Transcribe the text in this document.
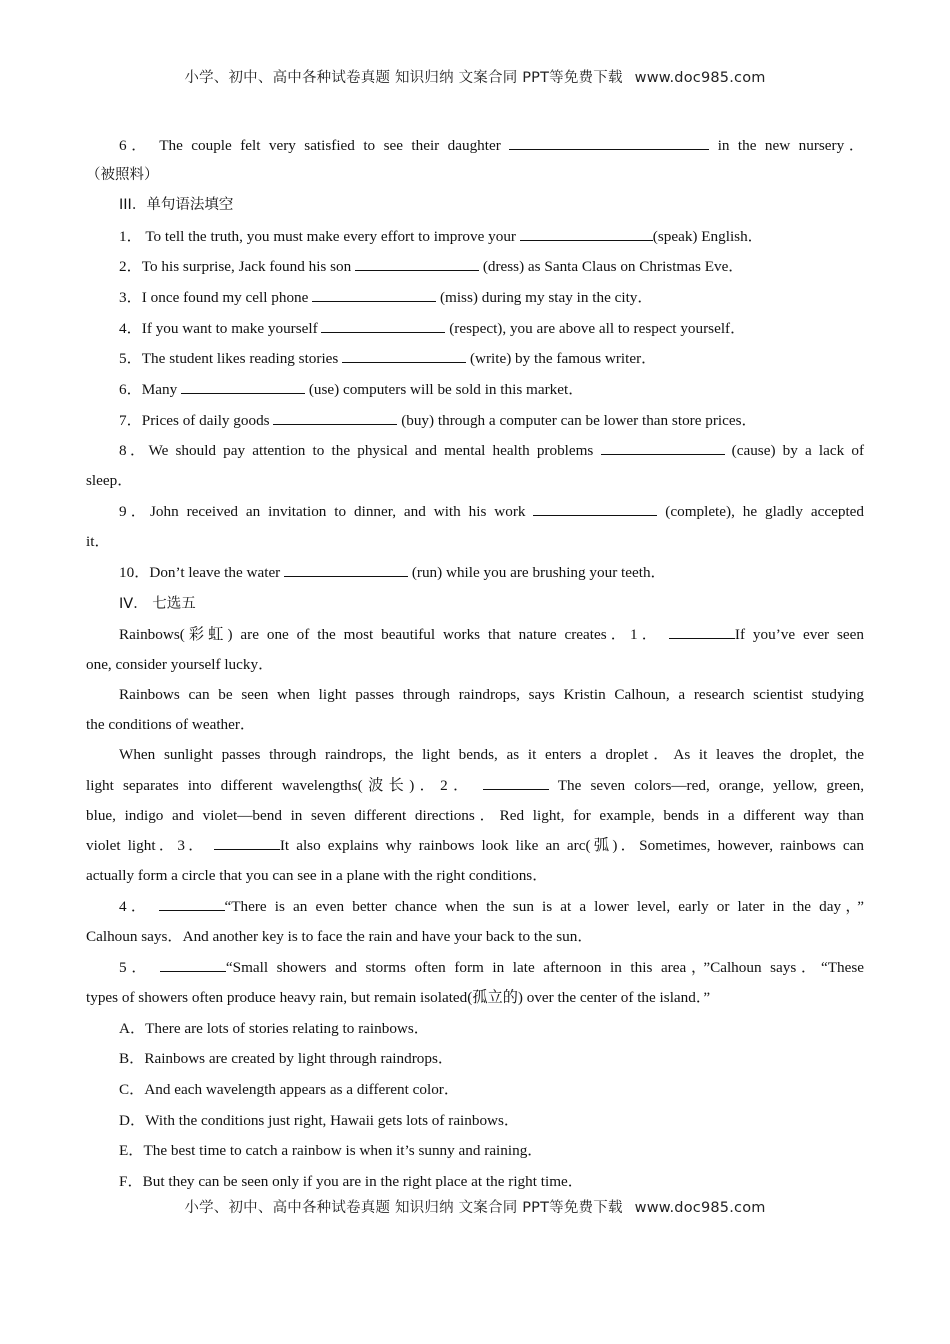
小学、初中、高中各种试卷真题 知识归纳 文案合同 PPT等免费下载 www.doc985.com
6． The couple felt very satisfied to see their daughter	in the new nursery．
（被照料）
III．单句语法填空
1． To tell the truth, you must make every effort to improve your	(speak) English．
2．To his surprise, Jack found his son	(dress) as Santa Claus on Christmas Eve．
3．I once found my cell phone	(miss) during my stay in the city．
4．If you want to make yourself	(respect), you are above all to respect yourself．
5．The student likes reading stories	(write) by the famous writer．
6．Many	(use) computers will be sold in this market．
7．Prices of daily goods	(buy) through a computer can be lower than store prices．
8．We should pay attention to the physical and mental health problems	(cause) by a lack of
sleep．
9．John received an invitation to dinner, and with his work	(complete), he gladly accepted
it．
10．Don’t leave the water	(run) while you are brushing your teeth．
IV． 七选五
Rainbows(彩虹) are one of the most beautiful works that nature creates．1．	If you’ve ever seen
one, consider yourself lucky．
Rainbows can be seen when light passes through raindrops, says Kristin Calhoun, a research scientist studying
the conditions of weather．
When sunlight passes through raindrops, the light bends, as it enters a droplet．As it leaves the droplet, the
light separates into different wavelengths(波长)．2．	The seven colors—red, orange, yellow, green,
blue, indigo and violet—bend in seven different directions．Red light, for example, bends in a different way than
violet light．3．	It also explains why rainbows look like an arc(弧)．Sometimes, however, rainbows can
actually form a circle that you can see in a plane with the right conditions．
4．	“There is an even better chance when the sun is at a lower level, early or later in the day，”
Calhoun says．And another key is to face the rain and have your back to the sun．
5．	“Small showers and storms often form in late afternoon in this area，”Calhoun says．“These
types of showers often produce heavy rain, but remain isolated(孤立的) over the center of the island．”
A．There are lots of stories relating to rainbows．
B．Rainbows are created by light through raindrops．
C．And each wavelength appears as a different color．
D．With the conditions just right, Hawaii gets lots of rainbows．
E．The best time to catch a rainbow is when it’s sunny and raining．
F．But they can be seen only if you are in the right place at the right time．
小学、初中、高中各种试卷真题 知识归纳 文案合同 PPT等免费下载 www.doc985.com
